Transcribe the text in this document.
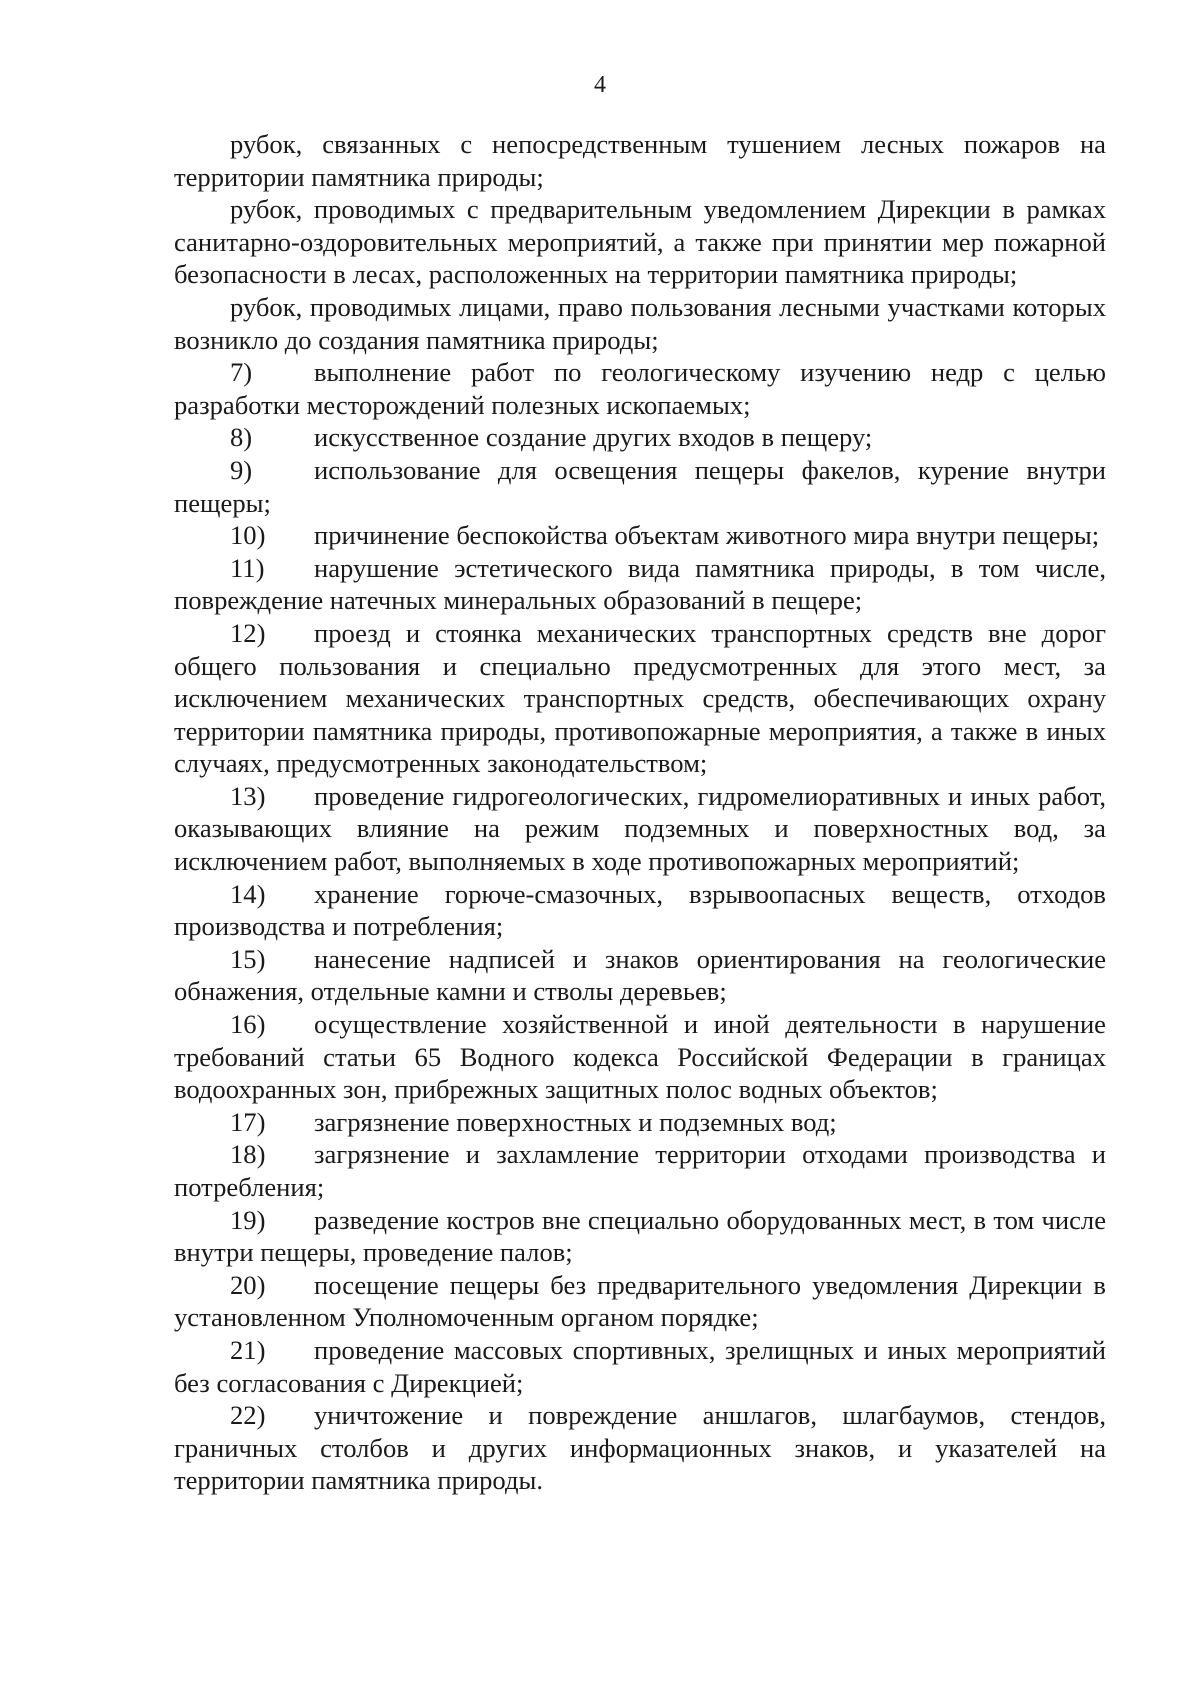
4

рубок, связанных с непосредственным тушением лесных пожаров на территории памятника природы;

рубок, проводимых с предварительным уведомлением Дирекции в рамках санитарно-оздоровительных мероприятий, а также при принятии мер пожарной безопасности в лесах, расположенных на территории памятника природы;

рубок, проводимых лицами, право пользования лесными участками которых возникло до создания памятника природы;

7) выполнение работ по геологическому изучению недр с целью разработки месторождений полезных ископаемых;

8) искусственное создание других входов в пещеру;

9) использование для освещения пещеры факелов, курение внутри пещеры;

10) причинение беспокойства объектам животного мира внутри пещеры;

11) нарушение эстетического вида памятника природы, в том числе, повреждение натечных минеральных образований в пещере;

12) проезд и стоянка механических транспортных средств вне дорог общего пользования и специально предусмотренных для этого мест, за исключением механических транспортных средств, обеспечивающих охрану территории памятника природы, противопожарные мероприятия, а также в иных случаях, предусмотренных законодательством;

13) проведение гидрогеологических, гидромелиоративных и иных работ, оказывающих влияние на режим подземных и поверхностных вод, за исключением работ, выполняемых в ходе противопожарных мероприятий;

14) хранение горюче-смазочных, взрывоопасных веществ, отходов производства и потребления;

15) нанесение надписей и знаков ориентирования на геологические обнажения, отдельные камни и стволы деревьев;

16) осуществление хозяйственной и иной деятельности в нарушение требований статьи 65 Водного кодекса Российской Федерации в границах водоохранных зон, прибрежных защитных полос водных объектов;

17) загрязнение поверхностных и подземных вод;

18) загрязнение и захламление территории отходами производства и потребления;

19) разведение костров вне специально оборудованных мест, в том числе внутри пещеры, проведение палов;

20) посещение пещеры без предварительного уведомления Дирекции в установленном Уполномоченным органом порядке;

21) проведение массовых спортивных, зрелищных и иных мероприятий без согласования с Дирекцией;

22) уничтожение и повреждение аншлагов, шлагбаумов, стендов, граничных столбов и других информационных знаков, и указателей на территории памятника природы.
